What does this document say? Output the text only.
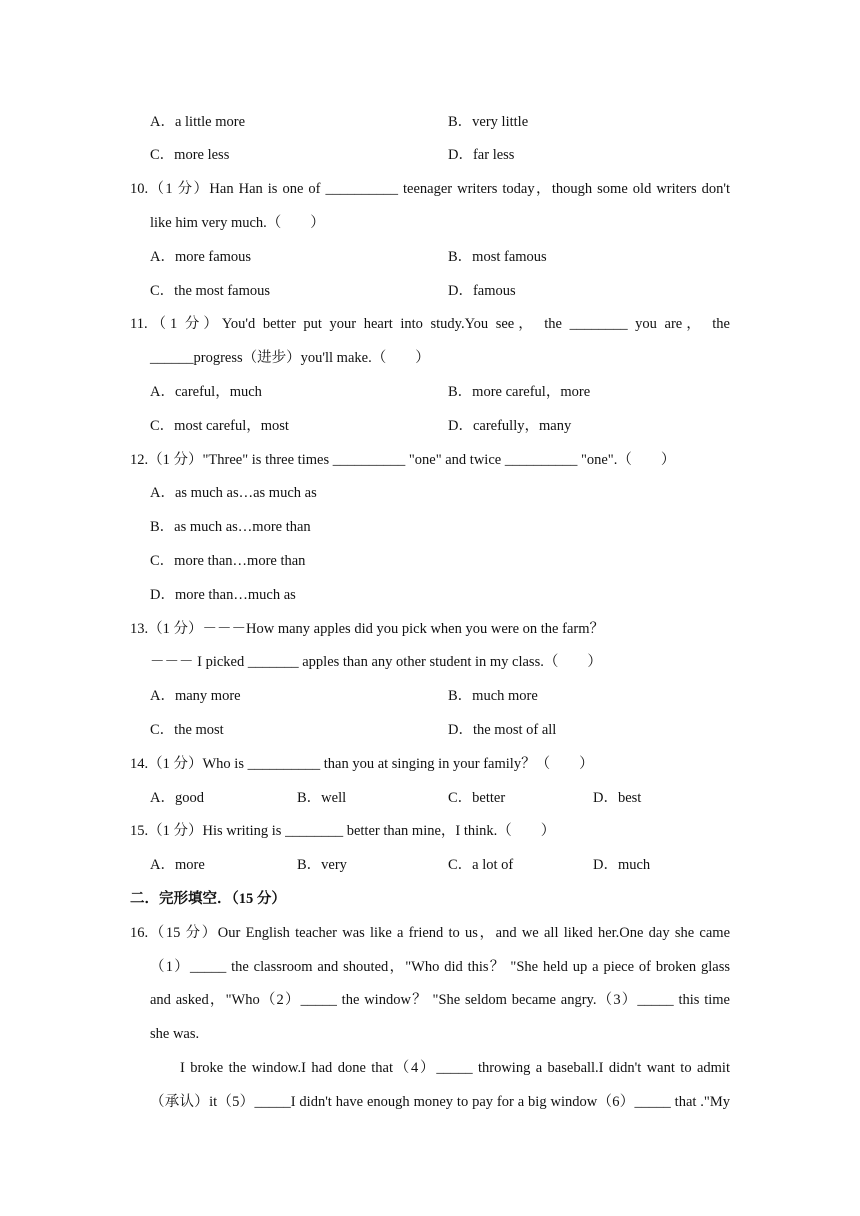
A．a little more	B．very little
C．more less	D．far less
10.（1 分）Han Han is one of __________ teenager writers today，though some old writers don't
like him very much.（　　）
A．more famous	B．most famous
C．the most famous	D．famous
11.（1 分）You'd better put your heart into study.You see， the ________ you are， the
______progress（进步）you'll make.（　　）
A．careful，much	B．more careful，more
C．most careful，most	D．carefully，many
12.（1 分）"Three" is three times __________ "one" and twice __________ "one".（　　）
A．as much as…as much as
B．as much as…more than
C．more than…more than
D．more than…much as
13.（1 分）－－－How many apples did you pick when you were on the farm？
－－－ I picked _______ apples than any other student in my class.（　　）
A．many more	B．much more
C．the most	D．the most of all
14.（1 分）Who is __________ than you at singing in your family？（　　）
A．good	B．well	C．better	D．best
15.（1 分）His writing is ________ better than mine，I think.（　　）
A．more	B．very	C．a lot of	D．much
二．完形填空．（15 分）
16.（15 分）Our English teacher was like a friend to us，and we all liked her.One day she came
（1）_____ the classroom and shouted，"Who did this？ "She held up a piece of broken glass
and asked，"Who（2）_____ the window？ "She seldom became angry.（3）_____ this time
she was.
I broke the window.I had done that（4）_____ throwing a baseball.I didn't want to admit
（承认）it（5）_____I didn't have enough money to pay for a big window（6）_____ that ."My
